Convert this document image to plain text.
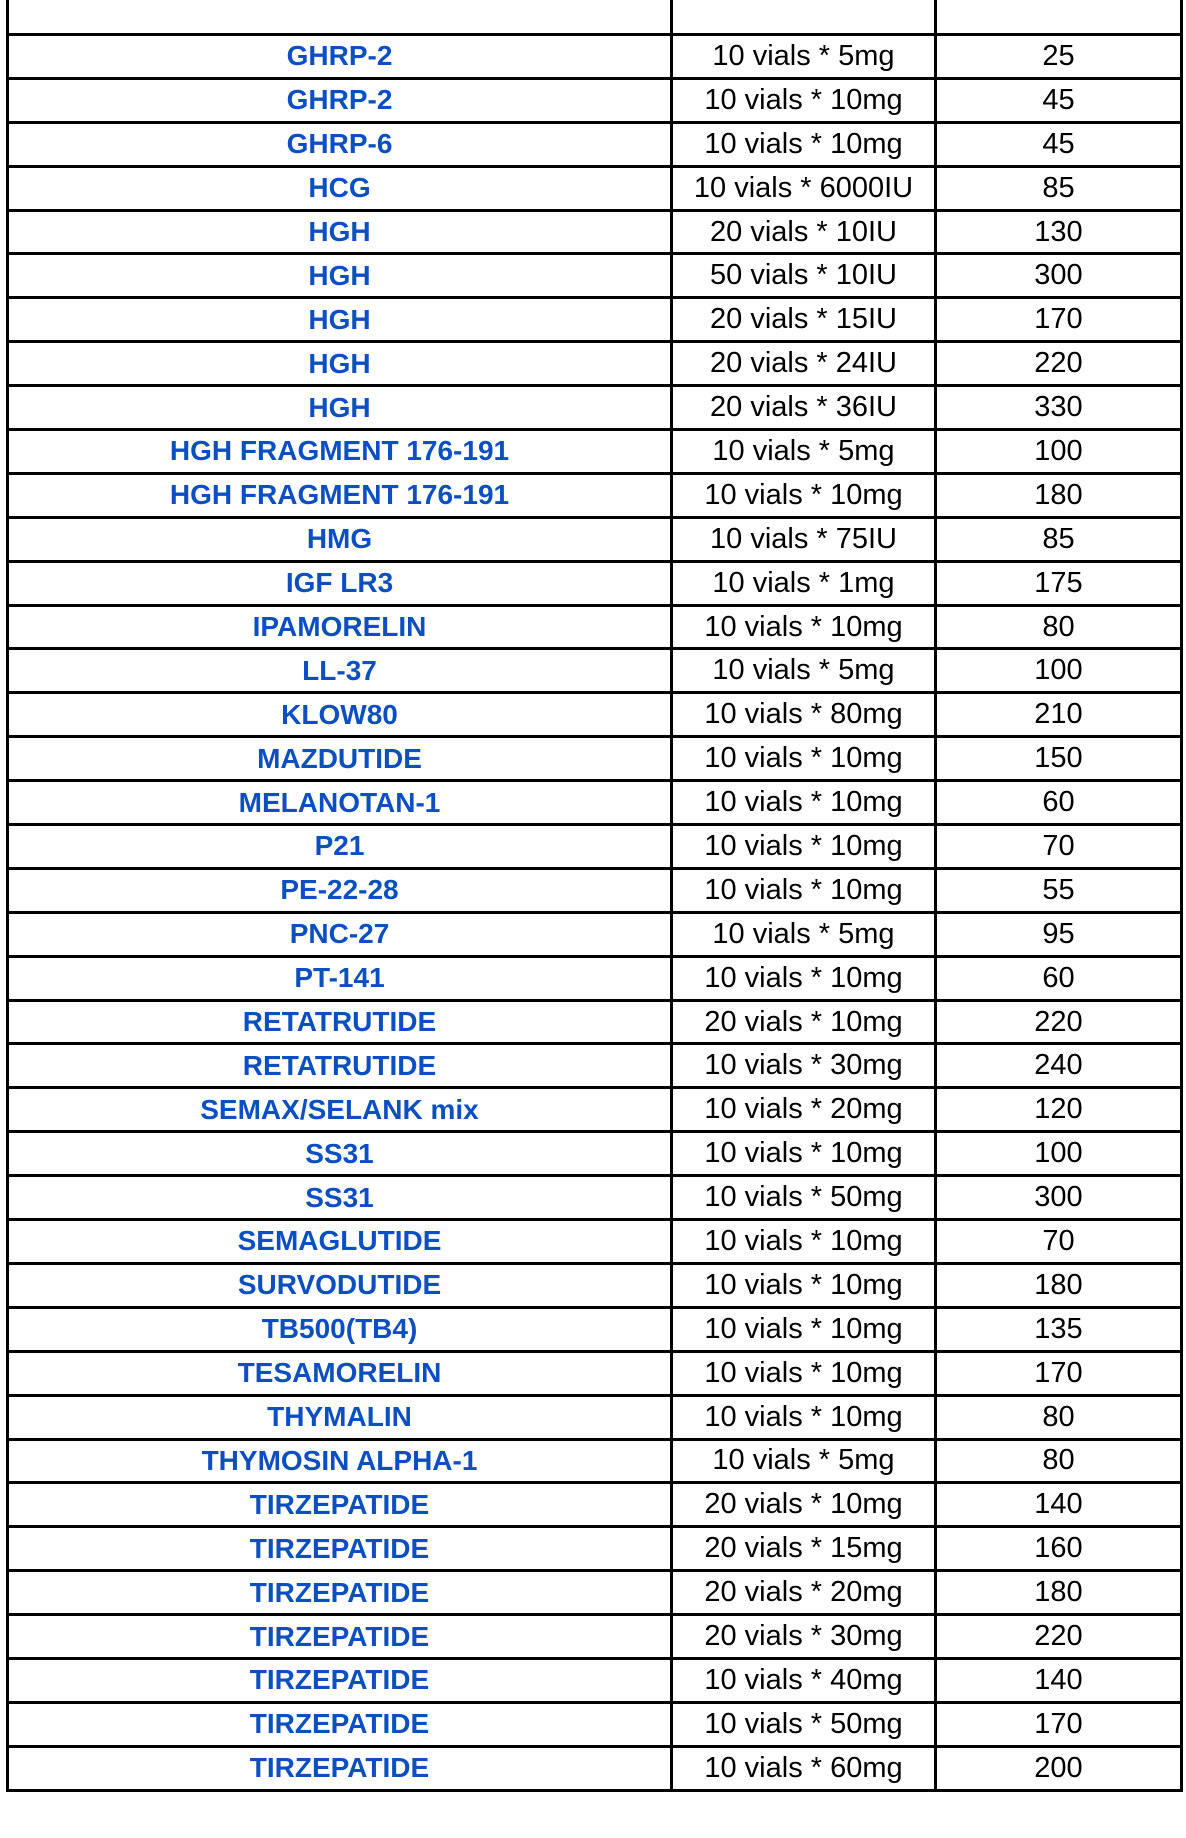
GHRP-2	10 vials * 5mg	25
GHRP-2	10 vials * 10mg	45
GHRP-6	10 vials * 10mg	45
HCG	10 vials * 6000IU	85
HGH	20 vials * 10IU	130
HGH	50 vials * 10IU	300
HGH	20 vials * 15IU	170
HGH	20 vials * 24IU	220
HGH	20 vials * 36IU	330
HGH FRAGMENT 176-191	10 vials * 5mg	100
HGH FRAGMENT 176-191	10 vials * 10mg	180
HMG	10 vials * 75IU	85
IGF LR3	10 vials * 1mg	175
IPAMORELIN	10 vials * 10mg	80
LL-37	10 vials * 5mg	100
KLOW80	10 vials * 80mg	210
MAZDUTIDE	10 vials * 10mg	150
MELANOTAN-1	10 vials * 10mg	60
P21	10 vials * 10mg	70
PE-22-28	10 vials * 10mg	55
PNC-27	10 vials * 5mg	95
PT-141	10 vials * 10mg	60
RETATRUTIDE	20 vials * 10mg	220
RETATRUTIDE	10 vials * 30mg	240
SEMAX/SELANK mix	10 vials * 20mg	120
SS31	10 vials * 10mg	100
SS31	10 vials * 50mg	300
SEMAGLUTIDE	10 vials * 10mg	70
SURVODUTIDE	10 vials * 10mg	180
TB500(TB4)	10 vials * 10mg	135
TESAMORELIN	10 vials * 10mg	170
THYMALIN	10 vials * 10mg	80
THYMOSIN ALPHA-1	10 vials * 5mg	80
TIRZEPATIDE	20 vials * 10mg	140
TIRZEPATIDE	20 vials * 15mg	160
TIRZEPATIDE	20 vials * 20mg	180
TIRZEPATIDE	20 vials * 30mg	220
TIRZEPATIDE	10 vials * 40mg	140
TIRZEPATIDE	10 vials * 50mg	170
TIRZEPATIDE	10 vials * 60mg	200
